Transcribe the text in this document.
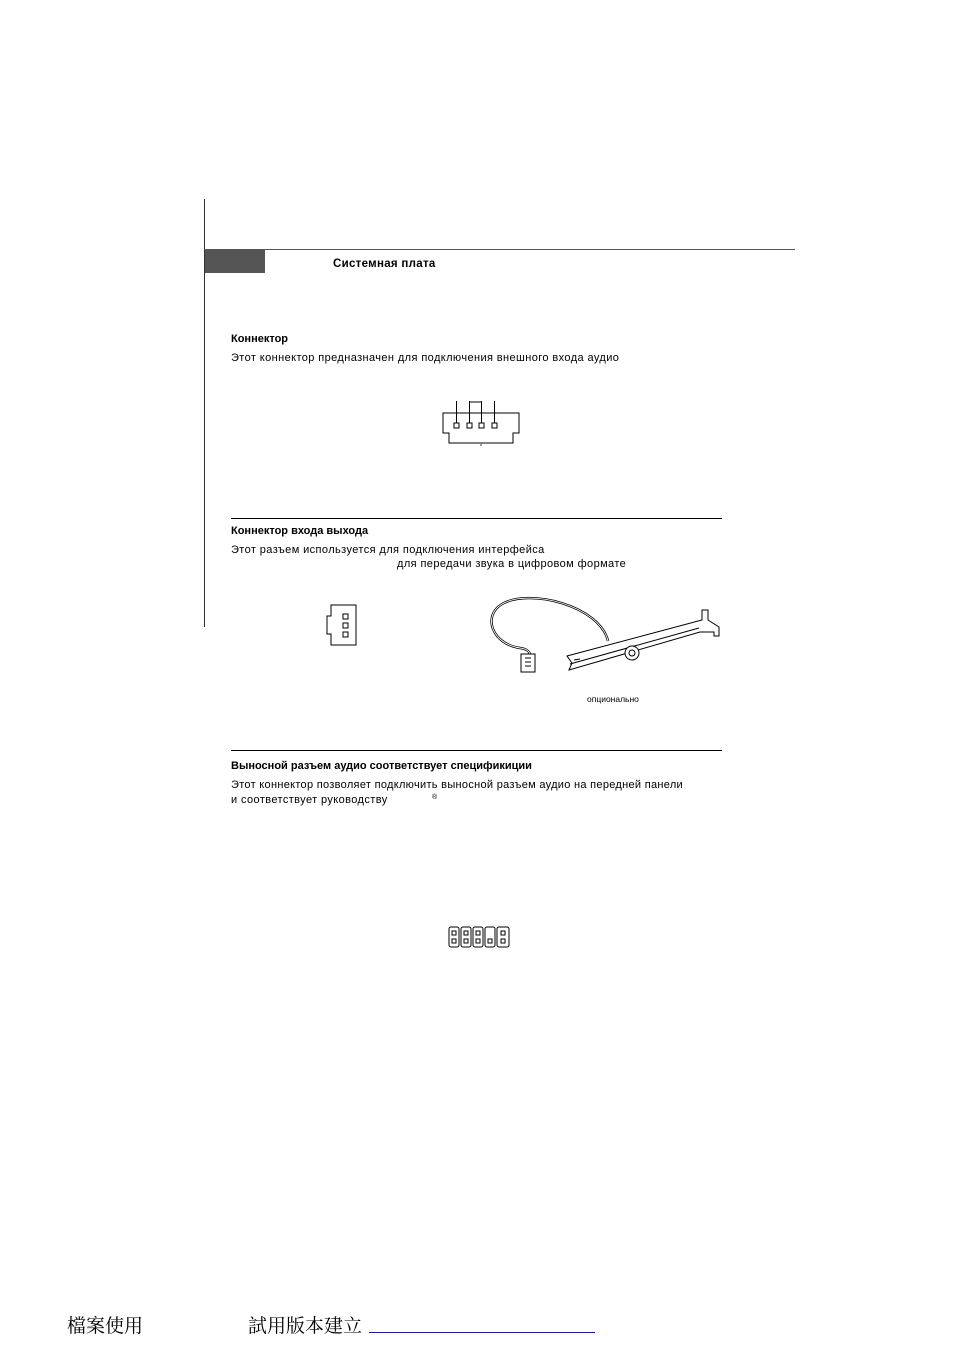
Системная плата
Коннектор
Этот коннектор предназначен для подключения внешного входа аудио
Коннектор входа выхода
Этот разъем используется для подключения интерфейса
для передачи звука в цифровом формате
опционально
Выносной разъем аудио соответствует спецификиции
Этот коннектор позволяет подключить выносной разъем аудио на передней панели
и соответствует руководству	®
檔案使用	試用版本建立
